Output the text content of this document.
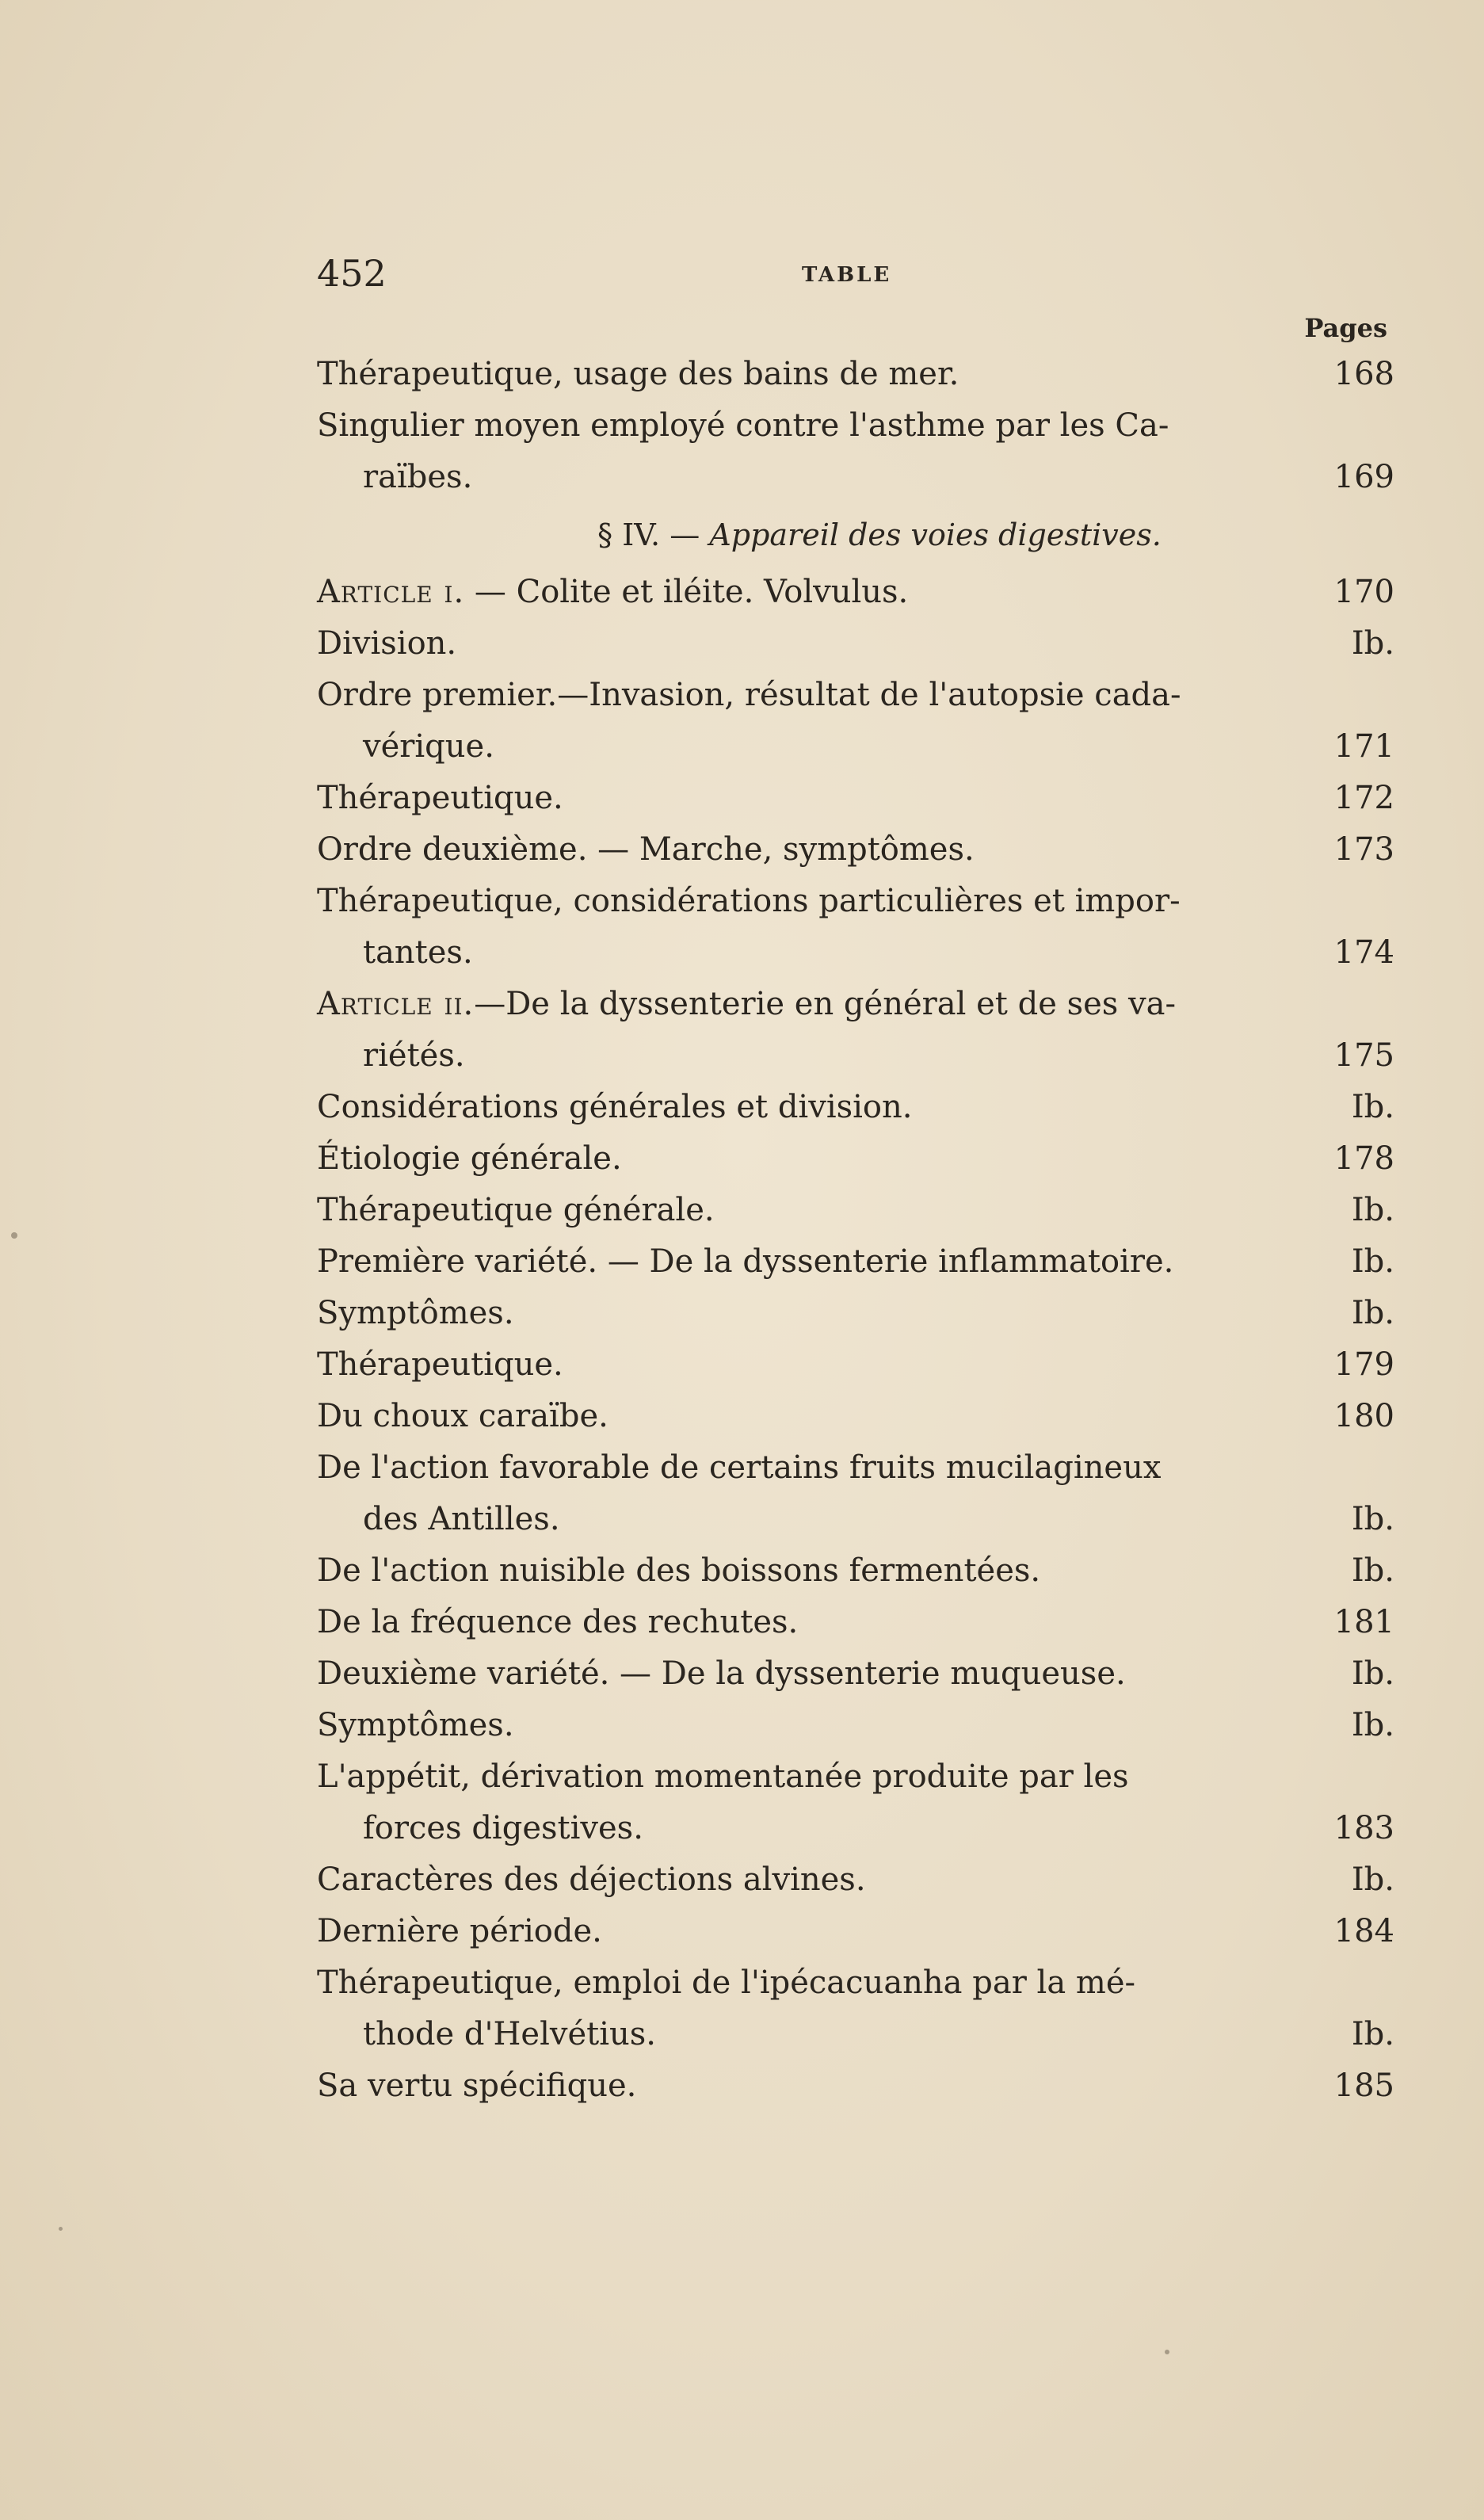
452	TABLE
Pages
Thérapeutique, usage des bains de mer.	168
Singulier moyen employé contre l'asthme par les Ca-
raïbes.	169
§ IV. — Appareil des voies digestives.
Article i. — Colite et iléite. Volvulus.	170
Division.	Ib.
Ordre premier.—Invasion, résultat de l'autopsie cada-
vérique.	171
Thérapeutique.	172
Ordre deuxième. — Marche, symptômes.	173
Thérapeutique, considérations particulières et impor-
tantes.	174
Article ii.—De la dyssenterie en général et de ses va-
riétés.	175
Considérations générales et division.	Ib.
Étiologie générale.	178
Thérapeutique générale.	Ib.
Première variété. — De la dyssenterie inflammatoire.	Ib.
Symptômes.	Ib.
Thérapeutique.	179
Du choux caraïbe.	180
De l'action favorable de certains fruits mucilagineux
des Antilles.	Ib.
De l'action nuisible des boissons fermentées.	Ib.
De la fréquence des rechutes.	181
Deuxième variété. — De la dyssenterie muqueuse.	Ib.
Symptômes.	Ib.
L'appétit, dérivation momentanée produite par les
forces digestives.	183
Caractères des déjections alvines.	Ib.
Dernière période.	184
Thérapeutique, emploi de l'ipécacuanha par la mé-
thode d'Helvétius.	Ib.
Sa vertu spécifique.	185
